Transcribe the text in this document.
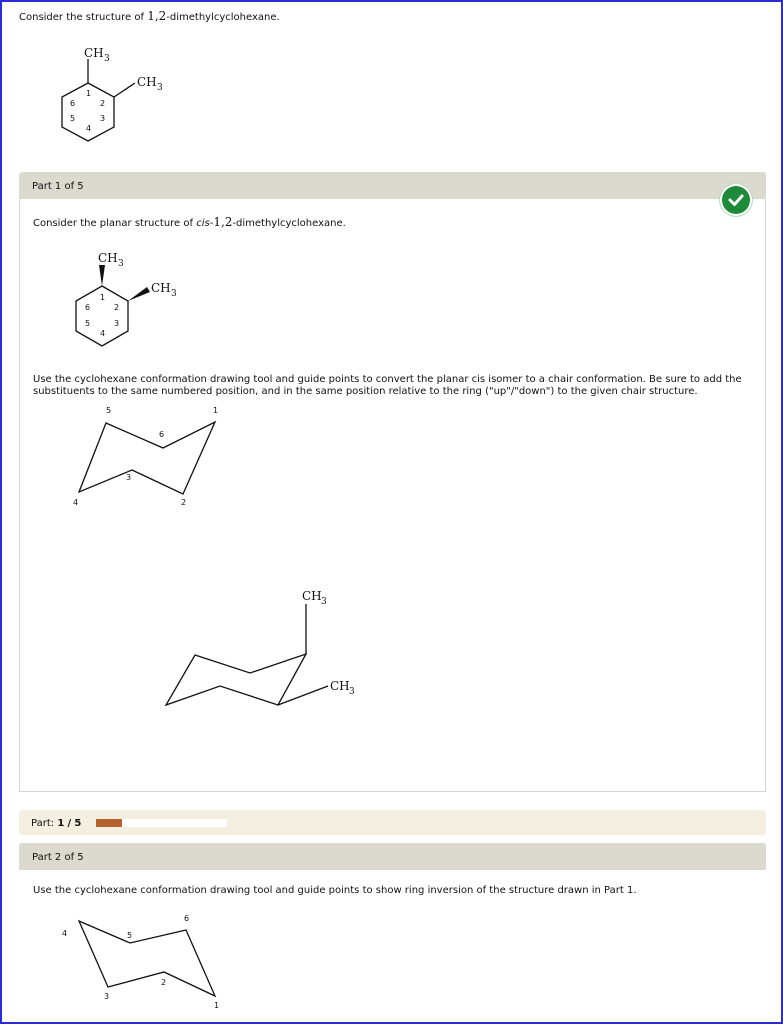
Consider the structure of 1,2-dimethylcyclohexane.
CH 3
CH 3
1
2
3
4
5
6
Part 1 of 5
Consider the planar structure of cis-1,2-dimethylcyclohexane.
CH 3
CH 3
1
2
3
4
5
6
Use the cyclohexane conformation drawing tool and guide points to convert the planar cis isomer to a chair conformation. Be sure to add the substituents to the same numbered position, and in the same position relative to the ring ("up"/"down") to the given chair structure.
5	1
6
3
4	2
CH 3
CH 3
Part: 1 / 5
Part 2 of 5
Use the cyclohexane conformation drawing tool and guide points to show ring inversion of the structure drawn in Part 1.
4	5
6
2
3
1
